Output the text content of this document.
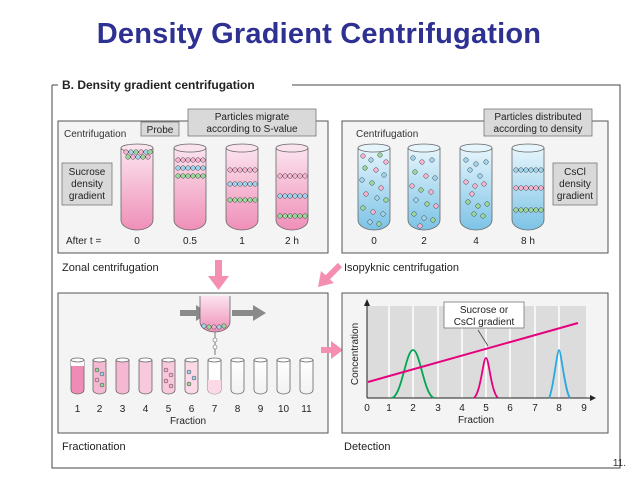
Density Gradient Centrifugation
B. Density gradient centrifugation
Centrifugation Probe
Particles migrate
according to S-value
Sucrose
density
gradient
After t =	0	0.5	1	2 h
Zonal centrifugation
Centrifugation
Particles distributed
according to density
CsCl
density
gradient
0	2	4	8 h
Isopyknic centrifugation
1 2 3 4 5 6 7 8 9 10 11
Fraction
Fractionation
Sucrose or
CsCl gradient
Concentration
0 1 2 3 4 5 6 7 8 9
Fraction
Detection
11.
